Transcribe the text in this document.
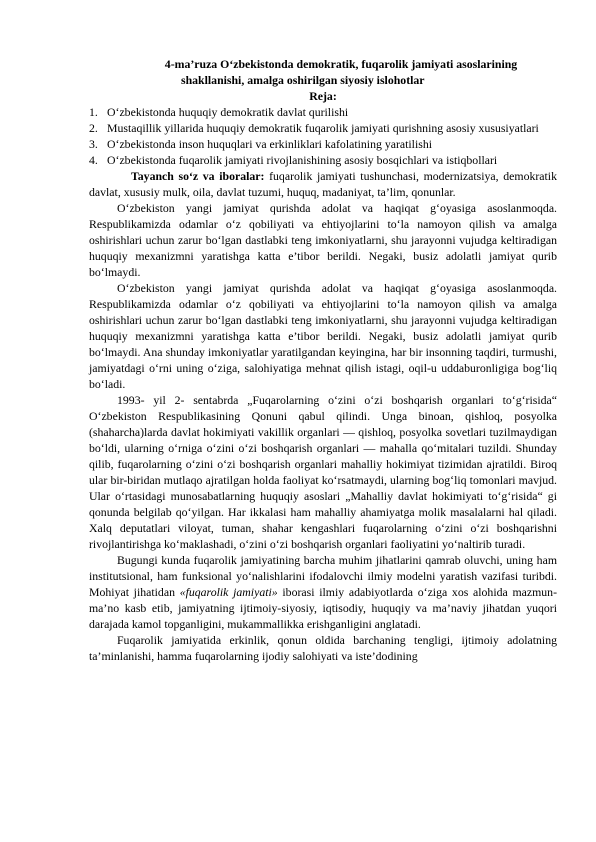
4-ma’ruza O‘zbekistonda demokratik, fuqarolik jamiyati asoslarining
shakllanishi, amalga oshirilgan siyosiy islohotlar
Reja:
1. O‘zbekistonda huquqiy demokratik davlat qurilishi
2. Mustaqillik yillarida huquqiy demokratik fuqarolik jamiyati qurishning asosiy xususiyatlari
3. O‘zbekistonda inson huquqlari va erkinliklari kafolatining yaratilishi
4. O‘zbekistonda fuqarolik jamiyati rivojlanishining asosiy bosqichlari va istiqbollari

Tayanch so‘z va iboralar: fuqarolik jamiyati tushunchasi, modernizatsiya, demokratik davlat, xususiy mulk, oila, davlat tuzumi, huquq, madaniyat, ta’lim, qonunlar.

O‘zbekiston yangi jamiyat qurishda adolat va haqiqat g‘oyasiga asoslanmoqda. Respublikamizda odamlar o‘z qobiliyati va ehtiyojlarini to‘la namoyon qilish va amalga oshirishlari uchun zarur bo‘lgan dastlabki teng imkoniyatlarni, shu jarayonni vujudga keltiradigan huquqiy mexanizmni yaratishga katta e’tibor berildi. Negaki, busiz adolatli jamiyat qurib bo‘lmaydi.

O‘zbekiston yangi jamiyat qurishda adolat va haqiqat g‘oyasiga asoslanmoqda. Respublikamizda odamlar o‘z qobiliyati va ehtiyojlarini to‘la namoyon qilish va amalga oshirishlari uchun zarur bo‘lgan dastlabki teng imkoniyatlarni, shu jarayonni vujudga keltiradigan huquqiy mexanizmni yaratishga katta e’tibor berildi. Negaki, busiz adolatli jamiyat qurib bo‘lmaydi. Ana shunday imkoniyatlar yaratilgandan keyingina, har bir insonning taqdiri, turmushi, jamiyatdagi o‘rni uning o‘ziga, salohiyatiga mehnat qilish istagi, oqil-u uddaburonligiga bog‘liq bo‘ladi.

1993- yil 2- sentabrda „Fuqarolarning o‘zini o‘zi boshqarish organlari to‘g‘risida“ O‘zbekiston Respublikasining Qonuni qabul qilindi. Unga binoan, qishloq, posyolka (shaharcha)larda davlat hokimiyati vakillik organlari — qishloq, posyolka sovetlari tuzilmaydigan bo‘ldi, ularning o‘rniga o‘zini o‘zi boshqarish organlari — mahalla qo‘mitalari tuzildi. Shunday qilib, fuqarolarning o‘zini o‘zi boshqarish organlari mahalliy hokimiyat tizimidan ajratildi. Biroq ular bir-biridan mutlaqo ajratilgan holda faoliyat ko‘rsatmaydi, ularning bog‘liq tomonlari mavjud. Ular o‘rtasidagi munosabatlarning huquqiy asoslari „Mahalliy davlat hokimiyati to‘g‘risida“ gi qonunda belgilab qo‘yilgan. Har ikkalasi ham mahalliy ahamiyatga molik masalalarni hal qiladi. Xalq deputatlari viloyat, tuman, shahar kengashlari fuqarolarning o‘zini o‘zi boshqarishni rivojlantirishga ko‘maklashadi, o‘zini o‘zi boshqarish organlari faoliyatini yo‘naltirib turadi.

Bugungi kunda fuqarolik jamiyatining barcha muhim jihatlarini qamrab oluvchi, uning ham institutsional, ham funksional yo‘nalishlarini ifodalovchi ilmiy modelni yaratish vazifasi turibdi. Mohiyat jihatidan «fuqarolik jamiyati» iborasi ilmiy adabiyotlarda o‘ziga xos alohida mazmun-ma’no kasb etib, jamiyatning ijtimoiy-siyosiy, iqtisodiy, huquqiy va ma’naviy jihatdan yuqori darajada kamol topganligini, mukammallikka erishganligini anglatadi.

Fuqarolik jamiyatida erkinlik, qonun oldida barchaning tengligi, ijtimoiy adolatning ta’minlanishi, hamma fuqarolarning ijodiy salohiyati va iste’dodining
